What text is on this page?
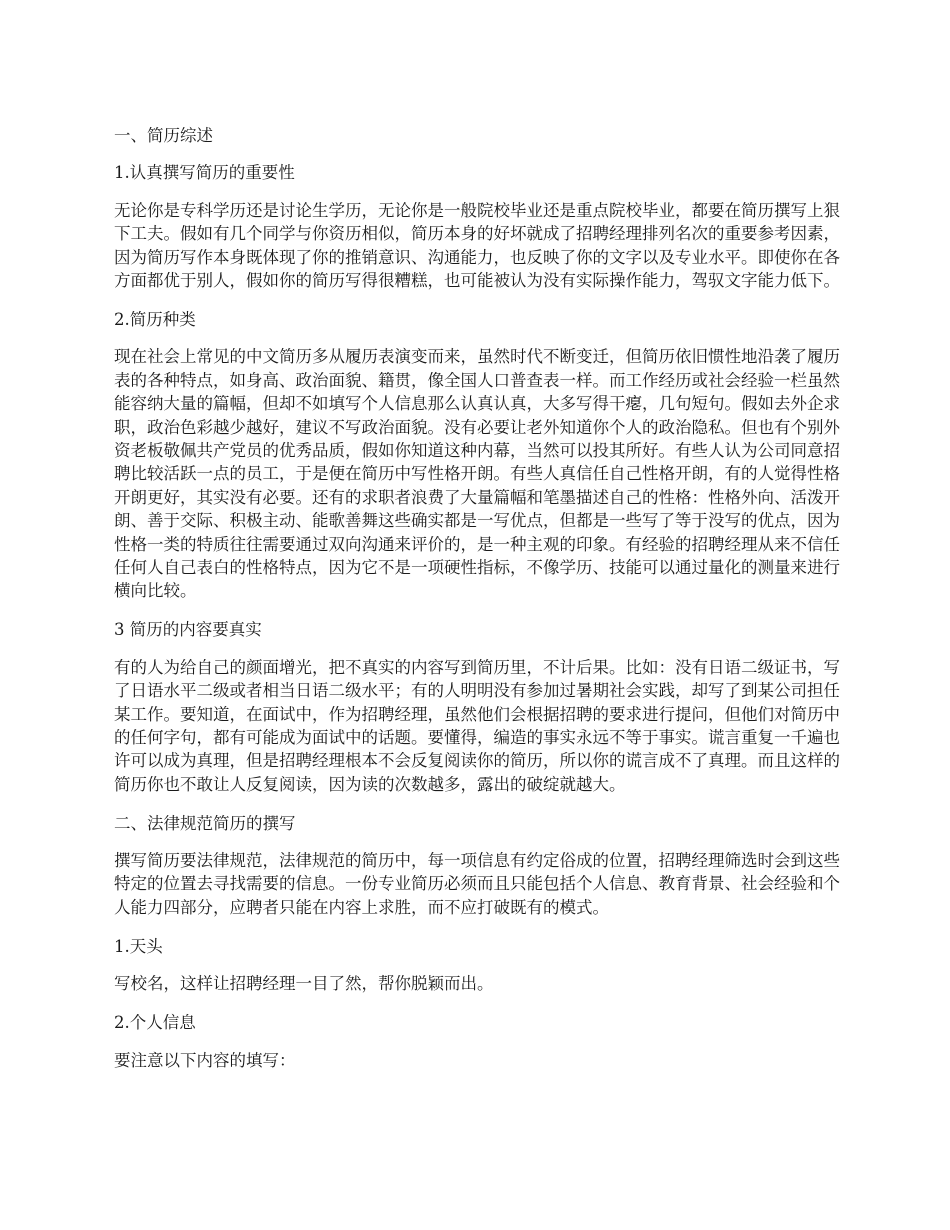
一、简历综述

1.认真撰写简历的重要性

无论你是专科学历还是讨论生学历，无论你是一般院校毕业还是重点院校毕业，都要在简历撰写上狠下工夫。假如有几个同学与你资历相似，简历本身的好坏就成了招聘经理排列名次的重要参考因素，因为简历写作本身既体现了你的推销意识、沟通能力，也反映了你的文字以及专业水平。即使你在各方面都优于别人，假如你的简历写得很糟糕，也可能被认为没有实际操作能力，驾驭文字能力低下。

2.简历种类

现在社会上常见的中文简历多从履历表演变而来，虽然时代不断变迁，但简历依旧惯性地沿袭了履历表的各种特点，如身高、政治面貌、籍贯，像全国人口普查表一样。而工作经历或社会经验一栏虽然能容纳大量的篇幅，但却不如填写个人信息那么认真认真，大多写得干瘪，几句短句。假如去外企求职，政治色彩越少越好，建议不写政治面貌。没有必要让老外知道你个人的政治隐私。但也有个别外资老板敬佩共产党员的优秀品质，假如你知道这种内幕，当然可以投其所好。有些人认为公司同意招聘比较活跃一点的员工，于是便在简历中写性格开朗。有些人真信任自己性格开朗，有的人觉得性格开朗更好，其实没有必要。还有的求职者浪费了大量篇幅和笔墨描述自己的性格：性格外向、活泼开朗、善于交际、积极主动、能歌善舞这些确实都是一写优点，但都是一些写了等于没写的优点，因为性格一类的特质往往需要通过双向沟通来评价的，是一种主观的印象。有经验的招聘经理从来不信任任何人自己表白的性格特点，因为它不是一项硬性指标，不像学历、技能可以通过量化的测量来进行横向比较。

3 简历的内容要真实

有的人为给自己的颜面增光，把不真实的内容写到简历里，不计后果。比如：没有日语二级证书，写了日语水平二级或者相当日语二级水平；有的人明明没有参加过暑期社会实践，却写了到某公司担任某工作。要知道，在面试中，作为招聘经理，虽然他们会根据招聘的要求进行提问，但他们对简历中的任何字句，都有可能成为面试中的话题。要懂得，编造的事实永远不等于事实。谎言重复一千遍也许可以成为真理，但是招聘经理根本不会反复阅读你的简历，所以你的谎言成不了真理。而且这样的简历你也不敢让人反复阅读，因为读的次数越多，露出的破绽就越大。

二、法律规范简历的撰写

撰写简历要法律规范，法律规范的简历中，每一项信息有约定俗成的位置，招聘经理筛选时会到这些特定的位置去寻找需要的信息。一份专业简历必须而且只能包括个人信息、教育背景、社会经验和个人能力四部分，应聘者只能在内容上求胜，而不应打破既有的模式。

1.天头

写校名，这样让招聘经理一目了然，帮你脱颖而出。

2.个人信息

要注意以下内容的填写：
